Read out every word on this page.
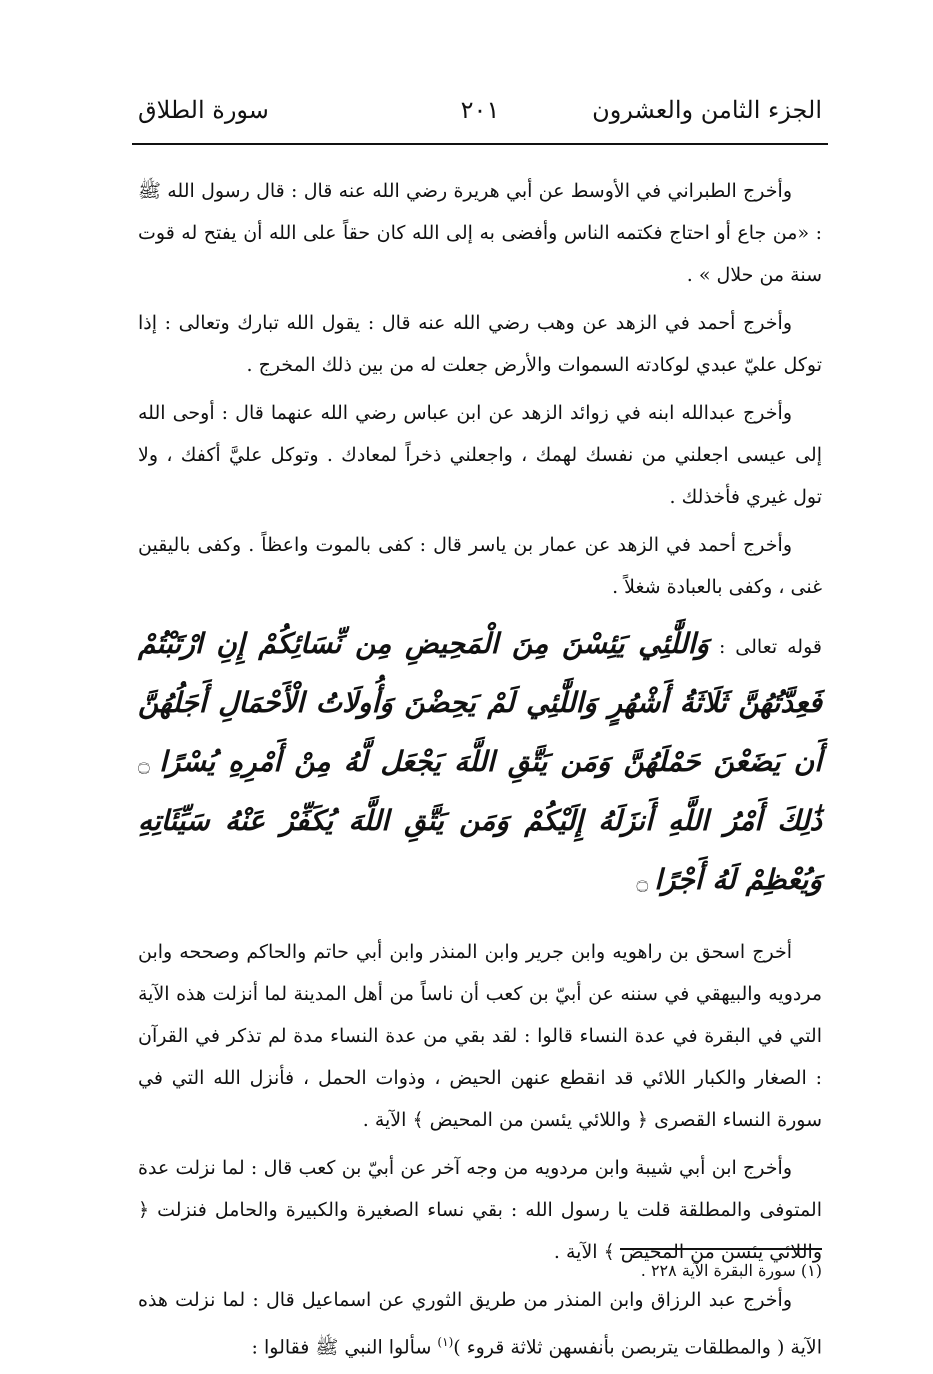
الجزء الثامن والعشرون
٢٠١
سورة الطلاق

وأخرج الطبراني في الأوسط عن أبي هريرة رضي الله عنه قال : قال رسول الله ﷺ : «من جاع أو احتاج فكتمه الناس وأفضى به إلى الله كان حقاً على الله أن يفتح له قوت سنة من حلال » .

وأخرج أحمد في الزهد عن وهب رضي الله عنه قال : يقول الله تبارك وتعالى : إذا توكل عليّ عبدي لوكادته السموات والأرض جعلت له من بين ذلك المخرج .

وأخرج عبدالله ابنه في زوائد الزهد عن ابن عباس رضي الله عنهما قال : أوحى الله إلى عيسى اجعلني من نفسك لهمك ، واجعلني ذخراً لمعادك . وتوكل عليَّ أكفك ، ولا تول غيري فأخذلك .

وأخرج أحمد في الزهد عن عمار بن ياسر قال : كفى بالموت واعظاً . وكفى باليقين غنى ، وكفى بالعبادة شغلاً .

قوله تعالى : وَاللَّٰئِي يَئِسْنَ مِنَ الْمَحِيضِ مِن نِّسَائِكُمْ إِنِ ارْتَبْتُمْ فَعِدَّتُهُنَّ ثَلَاثَةُ أَشْهُرٍ وَاللَّٰئِي لَمْ يَحِضْنَ وَأُولَاتُ الْأَحْمَالِ أَجَلُهُنَّ أَن يَضَعْنَ حَمْلَهُنَّ وَمَن يَتَّقِ اللَّهَ يَجْعَل لَّهُ مِنْ أَمْرِهِ يُسْرًا ۝ ذَٰلِكَ أَمْرُ اللَّهِ أَنزَلَهُ إِلَيْكُمْ وَمَن يَتَّقِ اللَّهَ يُكَفِّرْ عَنْهُ سَيِّئَاتِهِ وَيُعْظِمْ لَهُ أَجْرًا ۝

أخرج اسحق بن راهويه وابن جرير وابن المنذر وابن أبي حاتم والحاكم وصححه وابن مردويه والبيهقي في سننه عن أبيّ بن كعب أن ناساً من أهل المدينة لما أنزلت هذه الآية التي في البقرة في عدة النساء قالوا : لقد بقي من عدة النساء مدة لم تذكر في القرآن : الصغار والكبار اللائي قد انقطع عنهن الحيض ، وذوات الحمل ، فأنزل الله التي في سورة النساء القصرى ﴿ واللائي يئسن من المحيض ﴾ الآية .

وأخرج ابن أبي شيبة وابن مردويه من وجه آخر عن أبيّ بن كعب قال : لما نزلت عدة المتوفى والمطلقة قلت يا رسول الله : بقي نساء الصغيرة والكبيرة والحامل فنزلت ﴿ واللائي يئسن من المحيض ﴾ الآية .

وأخرج عبد الرزاق وابن المنذر من طريق الثوري عن اسماعيل قال : لما نزلت هذه الآية ( والمطلقات يتربصن بأنفسهن ثلاثة قروء )$^{(١)}$ سألوا النبي ﷺ فقالوا :

(١) سورة البقرة الآية ٢٢٨ .
